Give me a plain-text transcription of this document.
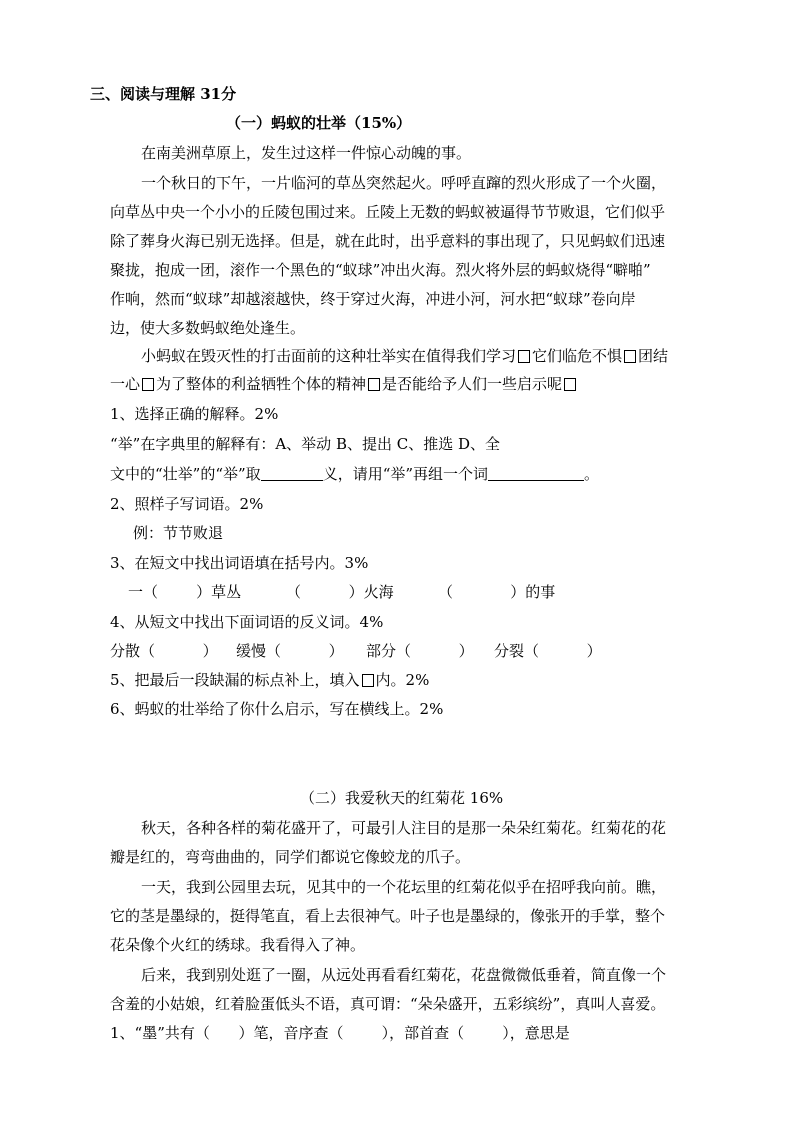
三、阅读与理解 31分
（一）蚂蚁的壮举（15%）
在南美洲草原上，发生过这样一件惊心动魄的事。
一个秋日的下午，一片临河的草丛突然起火。呼呼直蹿的烈火形成了一个火圈，
向草丛中央一个小小的丘陵包围过来。丘陵上无数的蚂蚁被逼得节节败退，它们似乎
除了葬身火海已别无选择。但是，就在此时，出乎意料的事出现了，只见蚂蚁们迅速
聚拢，抱成一团，滚作一个黑色的“蚁球”冲出火海。烈火将外层的蚂蚁烧得“噼啪”
作响，然而“蚁球”却越滚越快，终于穿过火海，冲进小河，河水把“蚁球”卷向岸
边，使大多数蚂蚁绝处逢生。
小蚂蚁在毁灭性的打击面前的这种壮举实在值得我们学习 它们临危不惧 团结
一心 为了整体的利益牺牲个体的精神 是否能给予人们一些启示呢
1、选择正确的解释。2%
“举”在字典里的解释有：A、举动 B、提出 C、推选 D、全
文中的“壮举”的“举”取	义，请用“举”再组一个词	。
2、照样子写词语。2%
例：节节败退
3、在短文中找出词语填在括号内。3%
一（        ）草丛	（          ）火海	（            ）的事
4、从短文中找出下面词语的反义词。4%
分散（          ） 缓慢（          ） 部分（          ） 分裂（          ）
5、把最后一段缺漏的标点补上，填入 内。2%
6、蚂蚁的壮举给了你什么启示，写在横线上。2%
（二）我爱秋天的红菊花 16%
秋天，各种各样的菊花盛开了，可最引人注目的是那一朵朵红菊花。红菊花的花
瓣是红的，弯弯曲曲的，同学们都说它像蛟龙的爪子。
一天，我到公园里去玩，见其中的一个花坛里的红菊花似乎在招呼我向前。瞧，
它的茎是墨绿的，挺得笔直，看上去很神气。叶子也是墨绿的，像张开的手掌，整个
花朵像个火红的绣球。我看得入了神。
后来，我到别处逛了一圈，从远处再看看红菊花，花盘微微低垂着，简直像一个
含羞的小姑娘，红着脸蛋低头不语，真可谓：“朵朵盛开，五彩缤纷”，真叫人喜爱。
1、“墨”共有（      ）笔，音序查（        ），部首查（        ），意思是
